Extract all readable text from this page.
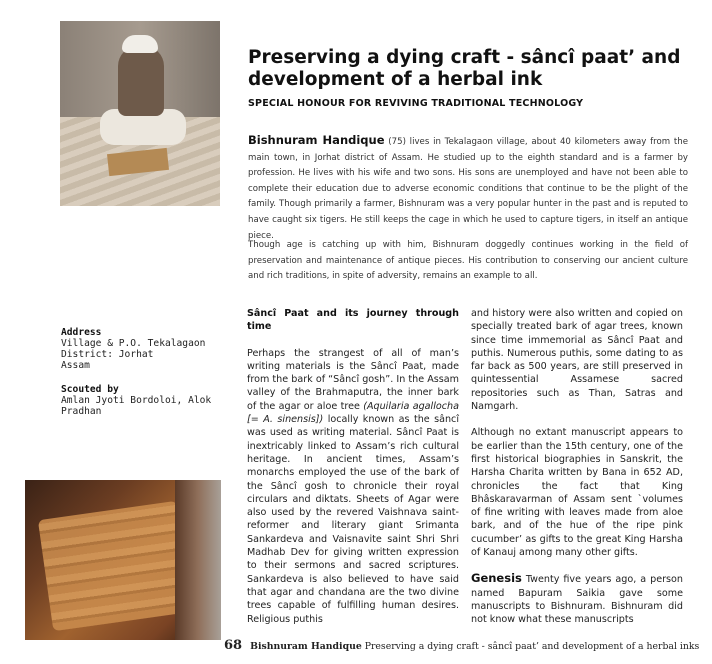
Preserving a dying craft - sâncî paat’ and development of a herbal ink
SPECIAL HONOUR FOR REVIVING TRADITIONAL TECHNOLOGY

Bishnuram Handique (75) lives in Tekalagaon village, about 40 kilometers away from the main town, in Jorhat district of Assam. He studied up to the eighth standard and is a farmer by profession. He lives with his wife and two sons. His sons are unemployed and have not been able to complete their education due to adverse economic conditions that continue to be the plight of the family. Though primarily a farmer, Bishnuram was a very popular hunter in the past and is reputed to have caught six tigers. He still keeps the cage in which he used to capture tigers, in itself an antique piece.

Though age is catching up with him, Bishnuram doggedly continues working in the field of preservation and maintenance of antique pieces. His contribution to conserving our ancient culture and rich traditions, in spite of adversity, remains an example to all.

Address
Village & P.O. Tekalagaon
District: Jorhat
Assam
Scouted by
Amlan Jyoti Bordoloi, Alok Pradhan
Sâncî Paat and its journey through time

Perhaps the strangest of all of man’s writing materials is the Sâncî Paat, made from the bark of “Sâncî gosh”. In the Assam valley of the Brahmaputra, the inner bark of the agar or aloe tree (Aquilaria agallocha [= A. sinensis]) locally known as the sâncî was used as writing material. Sâncî Paat is inextricably linked to Assam’s rich cultural heritage. In ancient times, Assam’s monarchs employed the use of the bark of the Sâncî gosh to chronicle their royal circulars and diktats. Sheets of Agar were also used by the revered Vaishnava saint-reformer and literary giant Srimanta Sankardeva and Vaisnavite saint Shri Shri Madhab Dev for giving written expression to their sermons and sacred scriptures. Sankardeva is also believed to have said that agar and chandana are the two divine trees capable of fulfilling human desires. Religious puthis

and history were also written and copied on specially treated bark of agar trees, known since time immemorial as Sâncî Paat and puthis. Numerous puthis, some dating to as far back as 500 years, are still preserved in quintessential Assamese sacred repositories such as Than, Satras and Namgarh.

Although no extant manuscript appears to be earlier than the 15th century, one of the first historical biographies in Sanskrit, the Harsha Charita written by Bana in 652 AD, chronicles the fact that King Bhâskaravarman of Assam sent `volumes of fine writing with leaves made from aloe bark, and of the hue of the ripe pink cucumber’ as gifts to the great King Harsha of Kanauj among many other gifts.

Genesis Twenty five years ago, a person named Bapuram Saikia gave some manuscripts to Bishnuram. Bishnuram did not know what these manuscripts

68 Bishnuram Handique Preserving a dying craft - sâncî paat’ and development of a herbal inks
